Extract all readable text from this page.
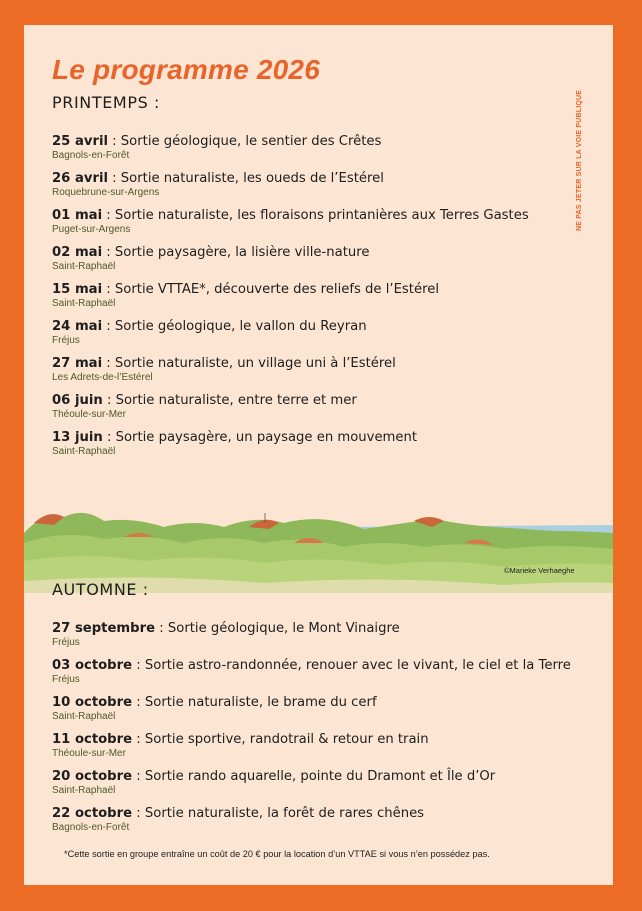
Le programme 2026
NE PAS JETER SUR LA VOIE PUBLIQUE
PRINTEMPS :
25 avril : Sortie géologique, le sentier des Crêtes
Bagnols-en-Forêt
26 avril : Sortie naturaliste, les oueds de l’Estérel
Roquebrune-sur-Argens
01 mai : Sortie naturaliste, les floraisons printanières aux Terres Gastes
Puget-sur-Argens
02 mai : Sortie paysagère, la lisière ville-nature
Saint-Raphaël
15 mai : Sortie VTTAE*, découverte des reliefs de l’Estérel
Saint-Raphaël
24 mai : Sortie géologique, le vallon du Reyran
Fréjus
27 mai : Sortie naturaliste, un village uni à l’Estérel
Les Adrets-de-l’Estérel
06 juin : Sortie naturaliste, entre terre et mer
Théoule-sur-Mer
13 juin : Sortie paysagère, un paysage en mouvement
Saint-Raphaël
©Marieke Verhaeghe
AUTOMNE :
27 septembre : Sortie géologique, le Mont Vinaigre
Fréjus
03 octobre : Sortie astro-randonnée, renouer avec le vivant, le ciel et la Terre
Fréjus
10 octobre : Sortie naturaliste, le brame du cerf
Saint-Raphaël
11 octobre : Sortie sportive, randotrail & retour en train
Théoule-sur-Mer
20 octobre : Sortie rando aquarelle, pointe du Dramont et Île d’Or
Saint-Raphaël
22 octobre : Sortie naturaliste, la forêt de rares chênes
Bagnols-en-Forêt

*Cette sortie en groupe entraîne un coût de 20 € pour la location d’un VTTAE si vous n’en possédez pas.
